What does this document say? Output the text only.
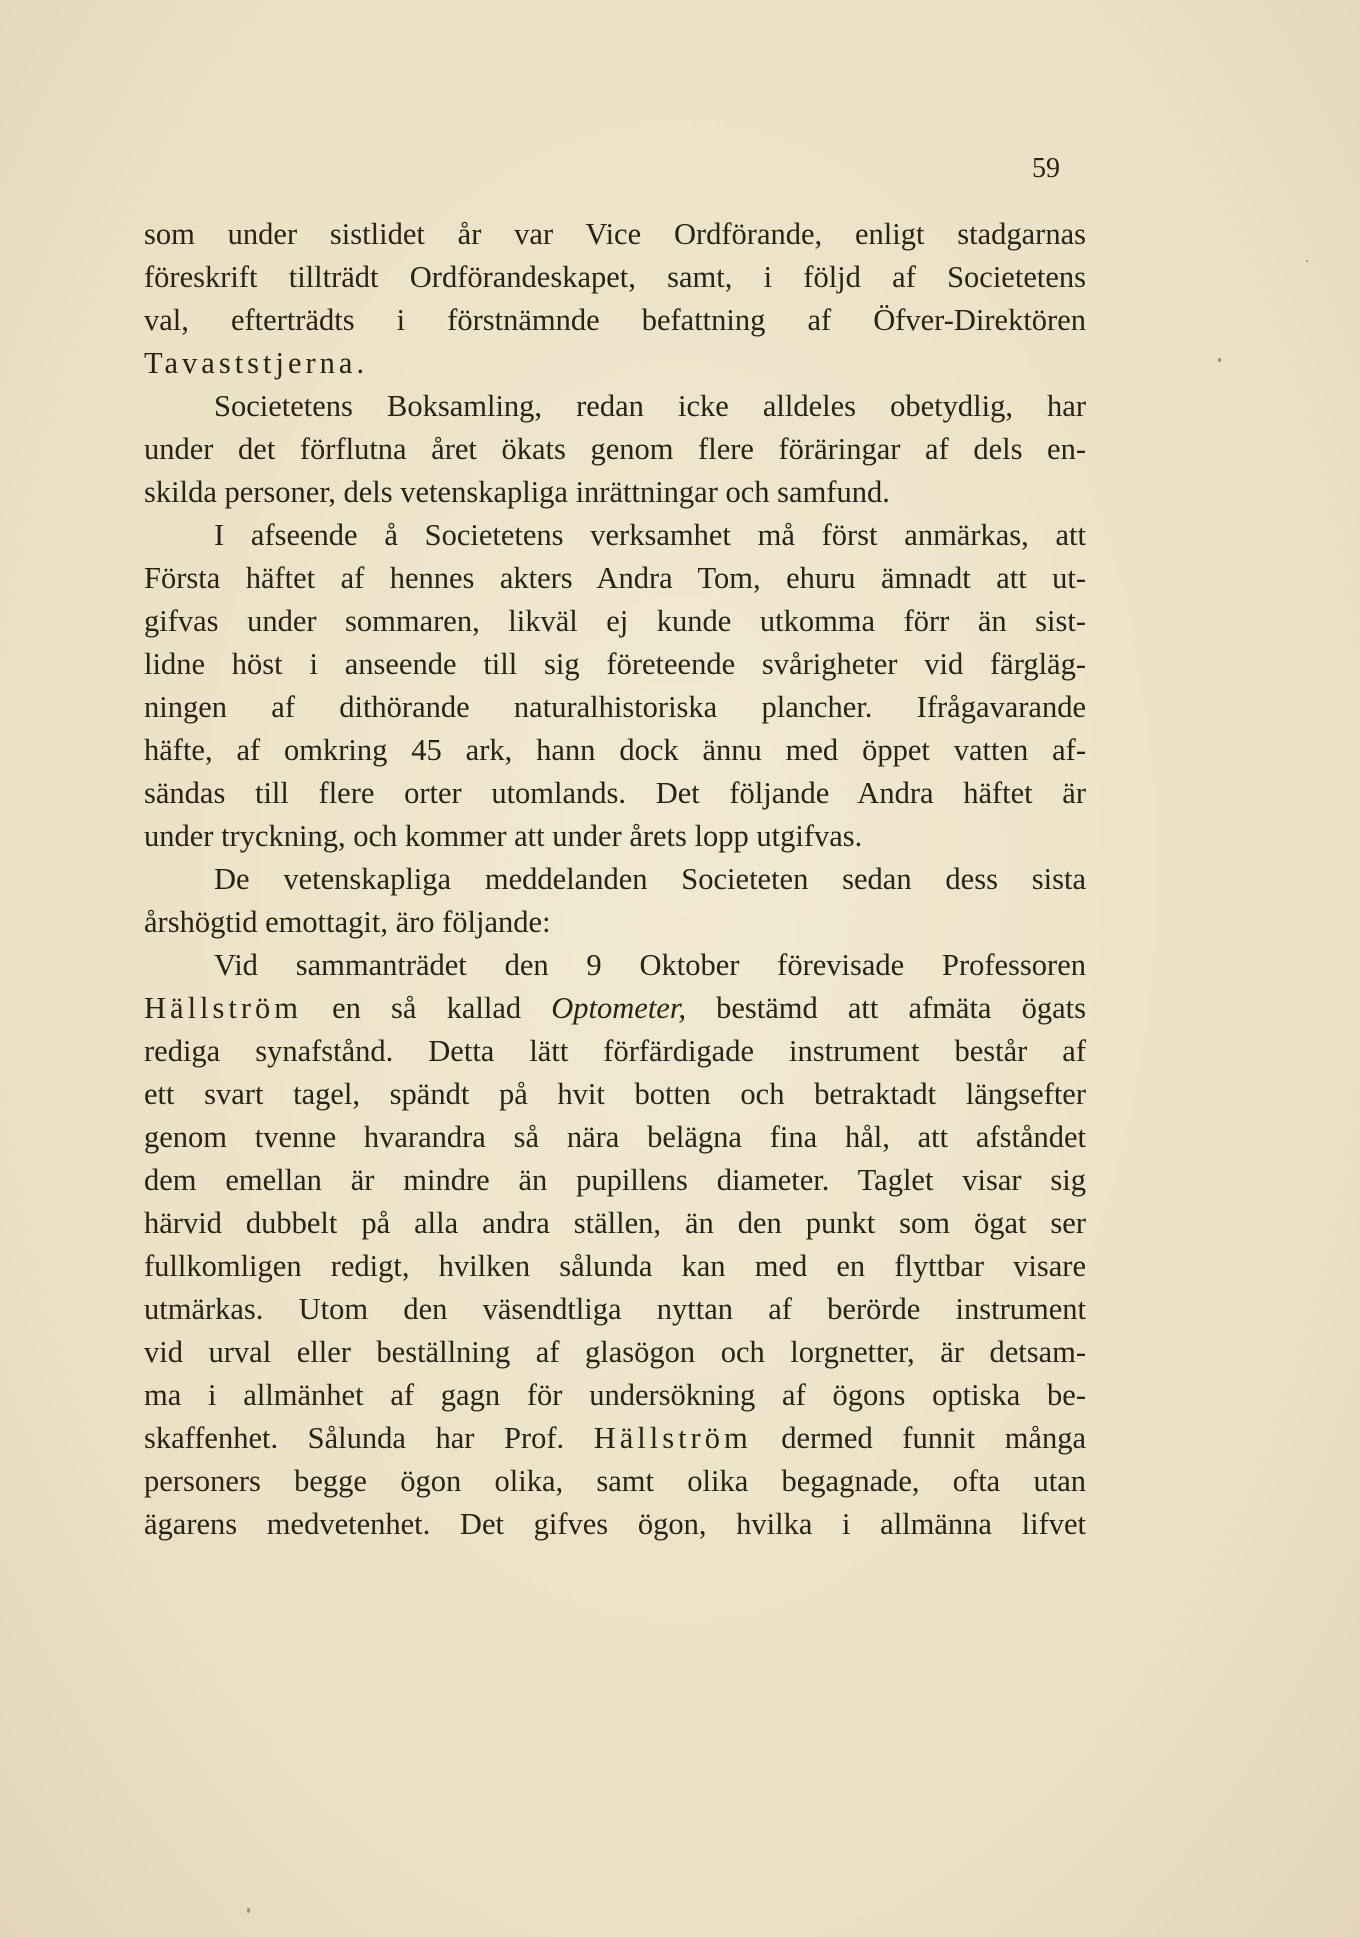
59
som under sistlidet år var Vice Ordförande, enligt stadgarnas
föreskrift tillträdt Ordförandeskapet, samt, i följd af Societetens
val, efterträdts i förstnämnde befattning af Öfver-Direktören
Tavaststjerna.
Societetens Boksamling, redan icke alldeles obetydlig, har
under det förflutna året ökats genom flere föräringar af dels en-
skilda personer, dels vetenskapliga inrättningar och samfund.
I afseende å Societetens verksamhet må först anmärkas, att
Första häftet af hennes akters Andra Tom, ehuru ämnadt att ut-
gifvas under sommaren, likväl ej kunde utkomma förr än sist-
lidne höst i anseende till sig företeende svårigheter vid färgläg-
ningen af dithörande naturalhistoriska plancher. Ifrågavarande
häfte, af omkring 45 ark, hann dock ännu med öppet vatten af-
sändas till flere orter utomlands. Det följande Andra häftet är
under tryckning, och kommer att under årets lopp utgifvas.
De vetenskapliga meddelanden Societeten sedan dess sista
årshögtid emottagit, äro följande:
Vid sammanträdet den 9 Oktober förevisade Professoren
Hällström en så kallad Optometer, bestämd att afmäta ögats
rediga synafstånd. Detta lätt förfärdigade instrument består af
ett svart tagel, spändt på hvit botten och betraktadt längsefter
genom tvenne hvarandra så nära belägna fina hål, att afståndet
dem emellan är mindre än pupillens diameter. Taglet visar sig
härvid dubbelt på alla andra ställen, än den punkt som ögat ser
fullkomligen redigt, hvilken sålunda kan med en flyttbar visare
utmärkas. Utom den väsendtliga nyttan af berörde instrument
vid urval eller beställning af glasögon och lorgnetter, är detsam-
ma i allmänhet af gagn för undersökning af ögons optiska be-
skaffenhet. Sålunda har Prof. Hällström dermed funnit många
personers begge ögon olika, samt olika begagnade, ofta utan
ägarens medvetenhet. Det gifves ögon, hvilka i allmänna lifvet
